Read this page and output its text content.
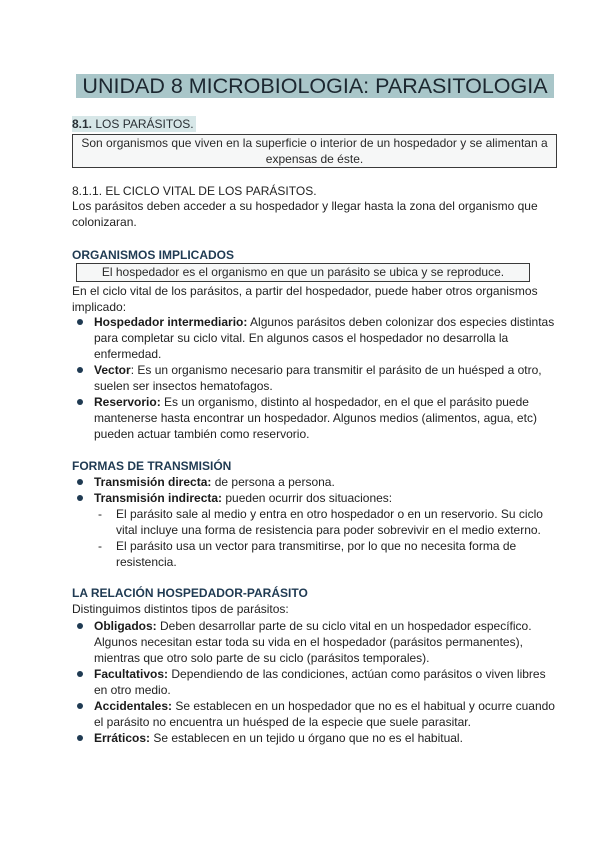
UNIDAD 8 MICROBIOLOGIA: PARASITOLOGIA
8.1. LOS PARÁSITOS.
Son organismos que viven en la superficie o interior de un hospedador y se alimentan a expensas de éste.
8.1.1. EL CICLO VITAL DE LOS PARÁSITOS.
Los parásitos deben acceder a su hospedador y llegar hasta la zona del organismo que colonizaran.
ORGANISMOS IMPLICADOS
El hospedador es el organismo en que un parásito se ubica y se reproduce.
En el ciclo vital de los parásitos, a partir del hospedador, puede haber otros organismos implicado:
Hospedador intermediario: Algunos parásitos deben colonizar dos especies distintas para completar su ciclo vital. En algunos casos el hospedador no desarrolla la enfermedad.
Vector: Es un organismo necesario para transmitir el parásito de un huésped a otro, suelen ser insectos hematofagos.
Reservorio: Es un organismo, distinto al hospedador, en el que el parásito puede mantenerse hasta encontrar un hospedador. Algunos medios (alimentos, agua, etc) pueden actuar también como reservorio.
FORMAS DE TRANSMISIÓN
Transmisión directa: de persona a persona.
Transmisión indirecta: pueden ocurrir dos situaciones:
- El parásito sale al medio y entra en otro hospedador o en un reservorio. Su ciclo vital incluye una forma de resistencia para poder sobrevivir en el medio externo.
- El parásito usa un vector para transmitirse, por lo que no necesita forma de resistencia.
LA RELACIÓN HOSPEDADOR-PARÁSITO
Distinguimos distintos tipos de parásitos:
Obligados: Deben desarrollar parte de su ciclo vital en un hospedador específico. Algunos necesitan estar toda su vida en el hospedador (parásitos permanentes), mientras que otro solo parte de su ciclo (parásitos temporales).
Facultativos: Dependiendo de las condiciones, actúan como parásitos o viven libres en otro medio.
Accidentales: Se establecen en un hospedador que no es el habitual y ocurre cuando el parásito no encuentra un huésped de la especie que suele parasitar.
Erráticos: Se establecen en un tejido u órgano que no es el habitual.
